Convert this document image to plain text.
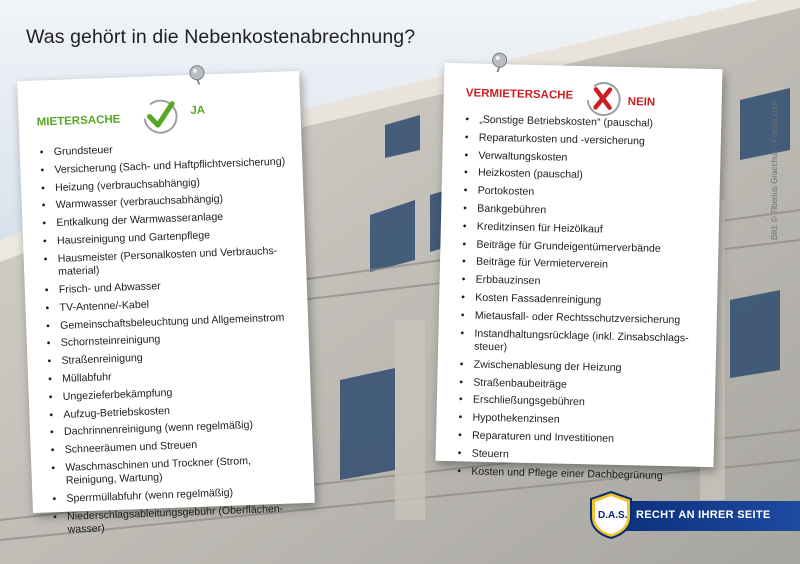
Was gehört in die Nebenkostenabrechnung?
Bild: © Tiberius Gracchus - Fotolia.com
MIETERSACHE
JA
• Grundsteuer
• Versicherung (Sach- und Haftpflichtversicherung)
• Heizung (verbrauchsabhängig)
• Warmwasser (verbrauchsabhängig)
• Entkalkung der Warmwasseranlage
• Hausreinigung und Gartenpflege
• Hausmeister (Personalkosten und Verbrauchs-material)
• Frisch- und Abwasser
• TV-Antenne/-Kabel
• Gemeinschaftsbeleuchtung und Allgemeinstrom
• Schornsteinreinigung
• Straßenreinigung
• Müllabfuhr
• Ungezieferbekämpfung
• Aufzug-Betriebskosten
• Dachrinnenreinigung (wenn regelmäßig)
• Schneeräumen und Streuen
• Waschmaschinen und Trockner (Strom, Reinigung, Wartung)
• Sperrmüllabfuhr (wenn regelmäßig)
• Niederschlagsableitungsgebühr (Oberflächen-wasser)
VERMIETERSACHE
NEIN
• „Sonstige Betriebskosten“ (pauschal)
• Reparaturkosten und -versicherung
• Verwaltungskosten
• Heizkosten (pauschal)
• Portokosten
• Bankgebühren
• Kreditzinsen für Heizölkauf
• Beiträge für Grundeigentümerverbände
• Beiträge für Vermieterverein
• Erbbauzinsen
• Kosten Fassadenreinigung
• Mietausfall- oder Rechtsschutzversicherung
• Instandhaltungsrücklage (inkl. Zinsabschlags-steuer)
• Zwischenablesung der Heizung
• Straßenbaubeiträge
• Erschließungsgebühren
• Hypothekenzinsen
• Reparaturen und Investitionen
• Steuern
• Kosten und Pflege einer Dachbegrünung
RECHT AN IHRER SEITE
D.A.S.
